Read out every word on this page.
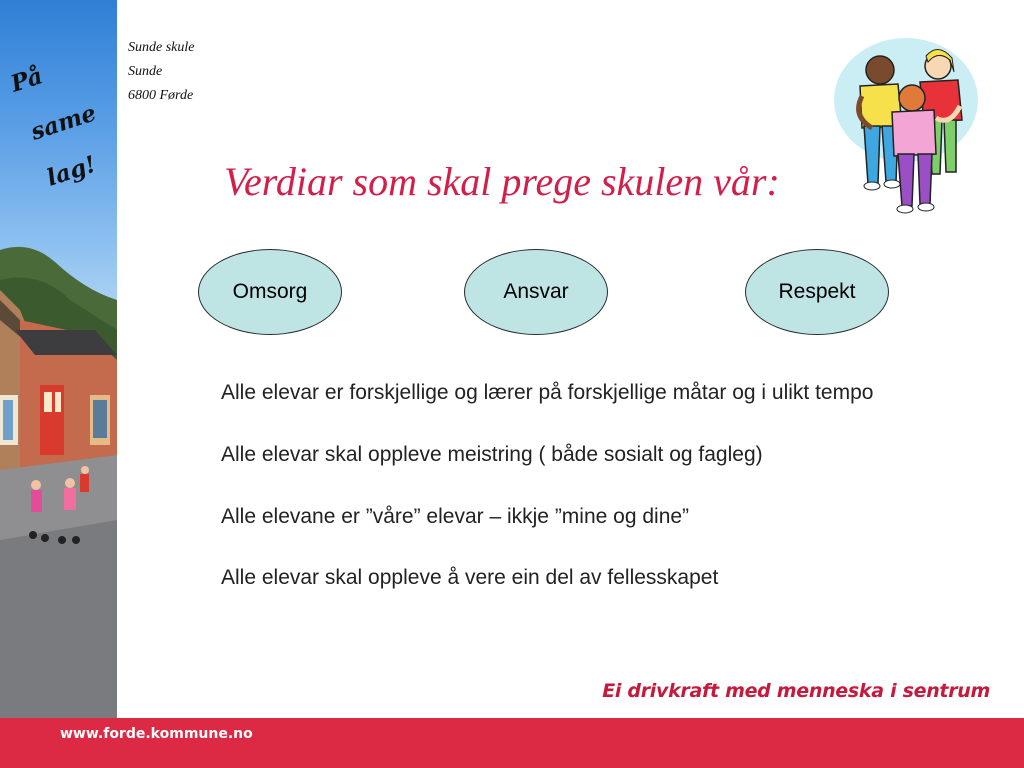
På
same
lag!
Sunde skule
Sunde
6800 Førde
Verdiar som skal prege skulen vår:
Omsorg	Ansvar	Respekt
Alle elevar er forskjellige og lærer på forskjellige måtar og i ulikt tempo
Alle elevar skal oppleve meistring ( både sosialt og fagleg)
Alle elevane er ”våre” elevar – ikkje ”mine og dine”
Alle elevar skal oppleve å vere ein del av fellesskapet
Ei drivkraft med menneska i sentrum
www.forde.kommune.no
